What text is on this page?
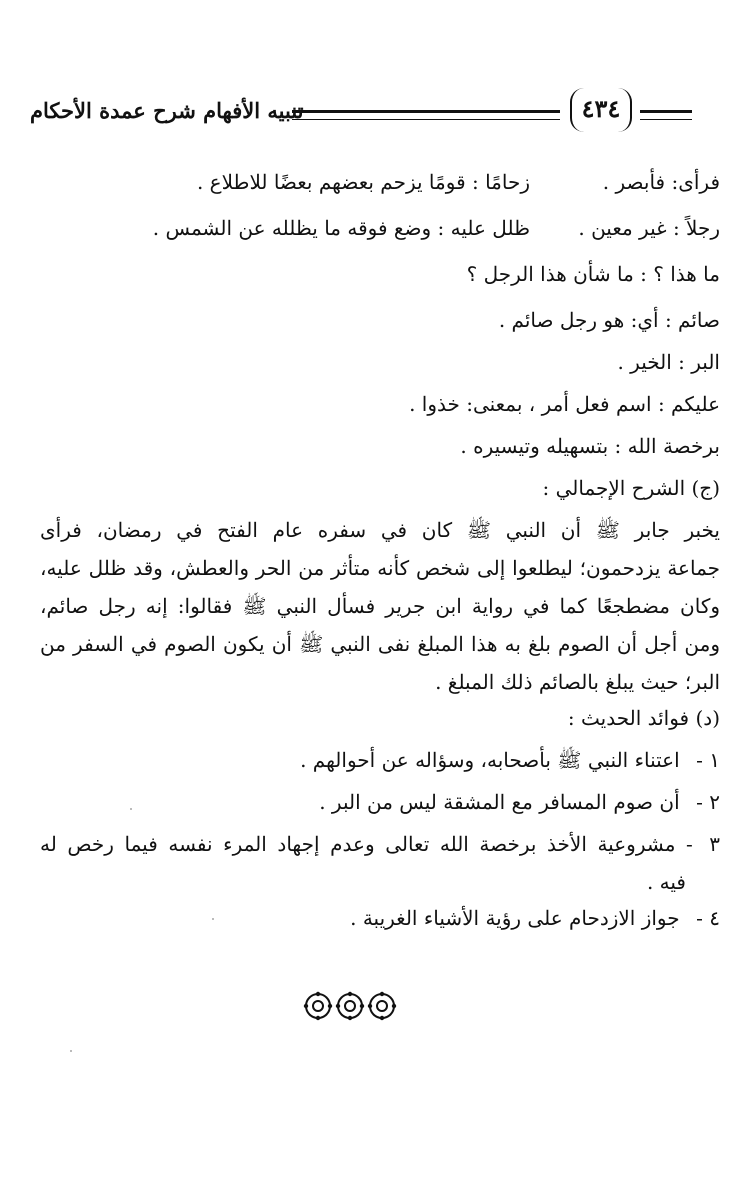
تنبيه الأفهام شرح عمدة الأحكام	٤٣٤
فرأى: فأبصر .
زحامًا : قومًا يزحم بعضهم بعضًا للاطلاع .
رجلاً : غير معين .
ظلل عليه : وضع فوقه ما يظلله عن الشمس .
ما هذا ؟ : ما شأن هذا الرجل ؟
صائم : أي: هو رجل صائم .
البر : الخير .
عليكم : اسم فعل أمر ، بمعنى: خذوا .
برخصة الله : بتسهيله وتيسيره .
(ج) الشرح الإجمالي :
يخبر جابر ﷺ أن النبي ﷺ كان في سفره عام الفتح في رمضان، فرأى
جماعة يزدحمون؛ ليطلعوا إلى شخص كأنه متأثر من الحر والعطش، وقد ظلل عليه،
وكان مضطجعًا كما في رواية ابن جرير فسأل النبي ﷺ فقالوا: إنه رجل صائم،
ومن أجل أن الصوم بلغ به هذا المبلغ نفى النبي ﷺ أن يكون الصوم في السفر من
البر؛ حيث يبلغ بالصائم ذلك المبلغ .
(د) فوائد الحديث :
١ - اعتناء النبي ﷺ بأصحابه، وسؤاله عن أحوالهم .
٢ - أن صوم المسافر مع المشقة ليس من البر .
٣ - مشروعية الأخذ برخصة الله تعالى وعدم إجهاد المرء نفسه فيما رخص له
فيه .
٤ - جواز الازدحام على رؤية الأشياء الغريبة .
